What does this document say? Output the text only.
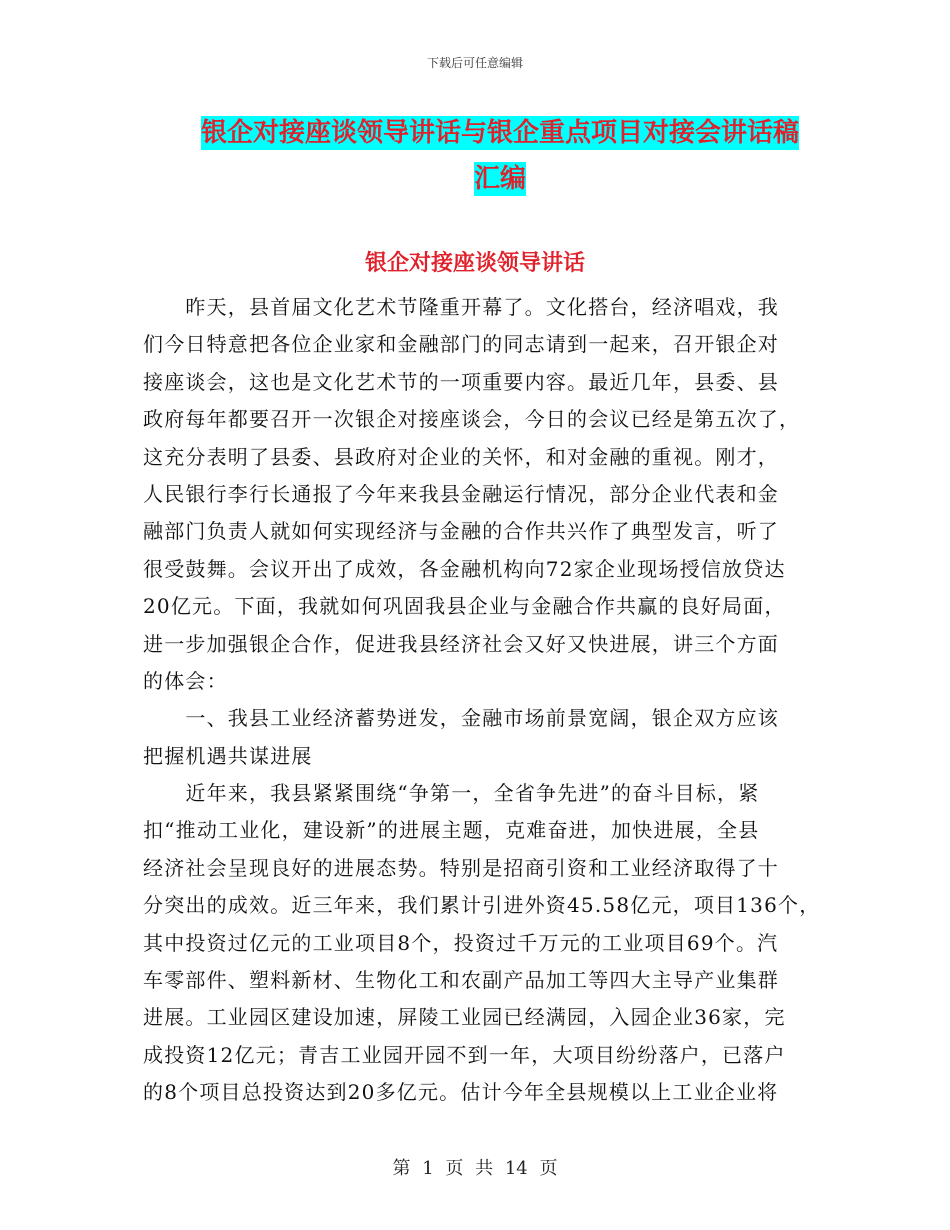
下载后可任意编辑
银企对接座谈领导讲话与银企重点项目对接会讲话稿
汇编
银企对接座谈领导讲话
　　昨天，县首届文化艺术节隆重开幕了。文化搭台，经济唱戏，我
们今日特意把各位企业家和金融部门的同志请到一起来，召开银企对
接座谈会，这也是文化艺术节的一项重要内容。最近几年，县委、县
政府每年都要召开一次银企对接座谈会，今日的会议已经是第五次了，
这充分表明了县委、县政府对企业的关怀，和对金融的重视。刚才，
人民银行李行长通报了今年来我县金融运行情况，部分企业代表和金
融部门负责人就如何实现经济与金融的合作共兴作了典型发言，听了
很受鼓舞。会议开出了成效，各金融机构向72家企业现场授信放贷达
20亿元。下面，我就如何巩固我县企业与金融合作共赢的良好局面，
进一步加强银企合作，促进我县经济社会又好又快进展，讲三个方面
的体会：
　　一、我县工业经济蓄势迸发，金融市场前景宽阔，银企双方应该
把握机遇共谋进展
　　近年来，我县紧紧围绕“争第一，全省争先进”的奋斗目标，紧
扣“推动工业化，建设新”的进展主题，克难奋进，加快进展，全县
经济社会呈现良好的进展态势。特别是招商引资和工业经济取得了十
分突出的成效。近三年来，我们累计引进外资45.58亿元，项目136个，
其中投资过亿元的工业项目8个，投资过千万元的工业项目69个。汽
车零部件、塑料新材、生物化工和农副产品加工等四大主导产业集群
进展。工业园区建设加速，屏陵工业园已经满园，入园企业36家，完
成投资12亿元；青吉工业园开园不到一年，大项目纷纷落户，已落户
的8个项目总投资达到20多亿元。估计今年全县规模以上工业企业将
第 1 页 共 14 页
